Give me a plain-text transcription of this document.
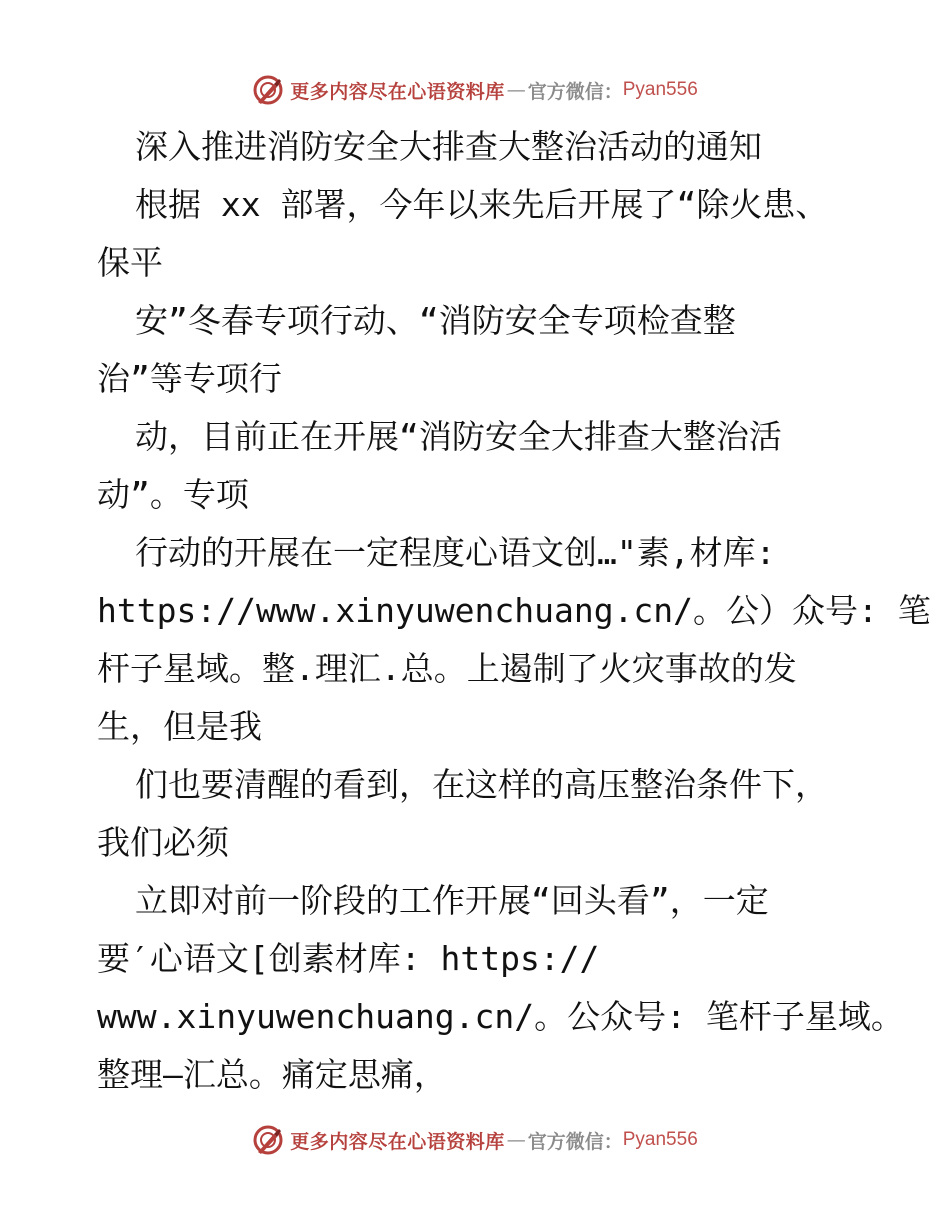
更多内容尽在心语资料库 — 官方微信： Pyan556
深入推进消防安全大排查大整治活动的通知
根据 xx 部署，今年以来先后开展了“除火患、
保平
安”冬春专项行动、“消防安全专项检查整
治”等专项行
动，目前正在开展“消防安全大排查大整治活
动”。专项
行动的开展在一定程度心语文创…"素,材库:
https://www.xinyuwenchuang.cn/。公）众号: 笔
杆子星域。整.理汇.总。上遏制了火灾事故的发
生，但是我
们也要清醒的看到，在这样的高压整治条件下，
我们必须
立即对前一阶段的工作开展“回头看”，一定
要′心语文[创素材库: https://
www.xinyuwenchuang.cn/。公众号: 笔杆子星域。
整理—汇总。痛定思痛，
更多内容尽在心语资料库 — 官方微信： Pyan556
